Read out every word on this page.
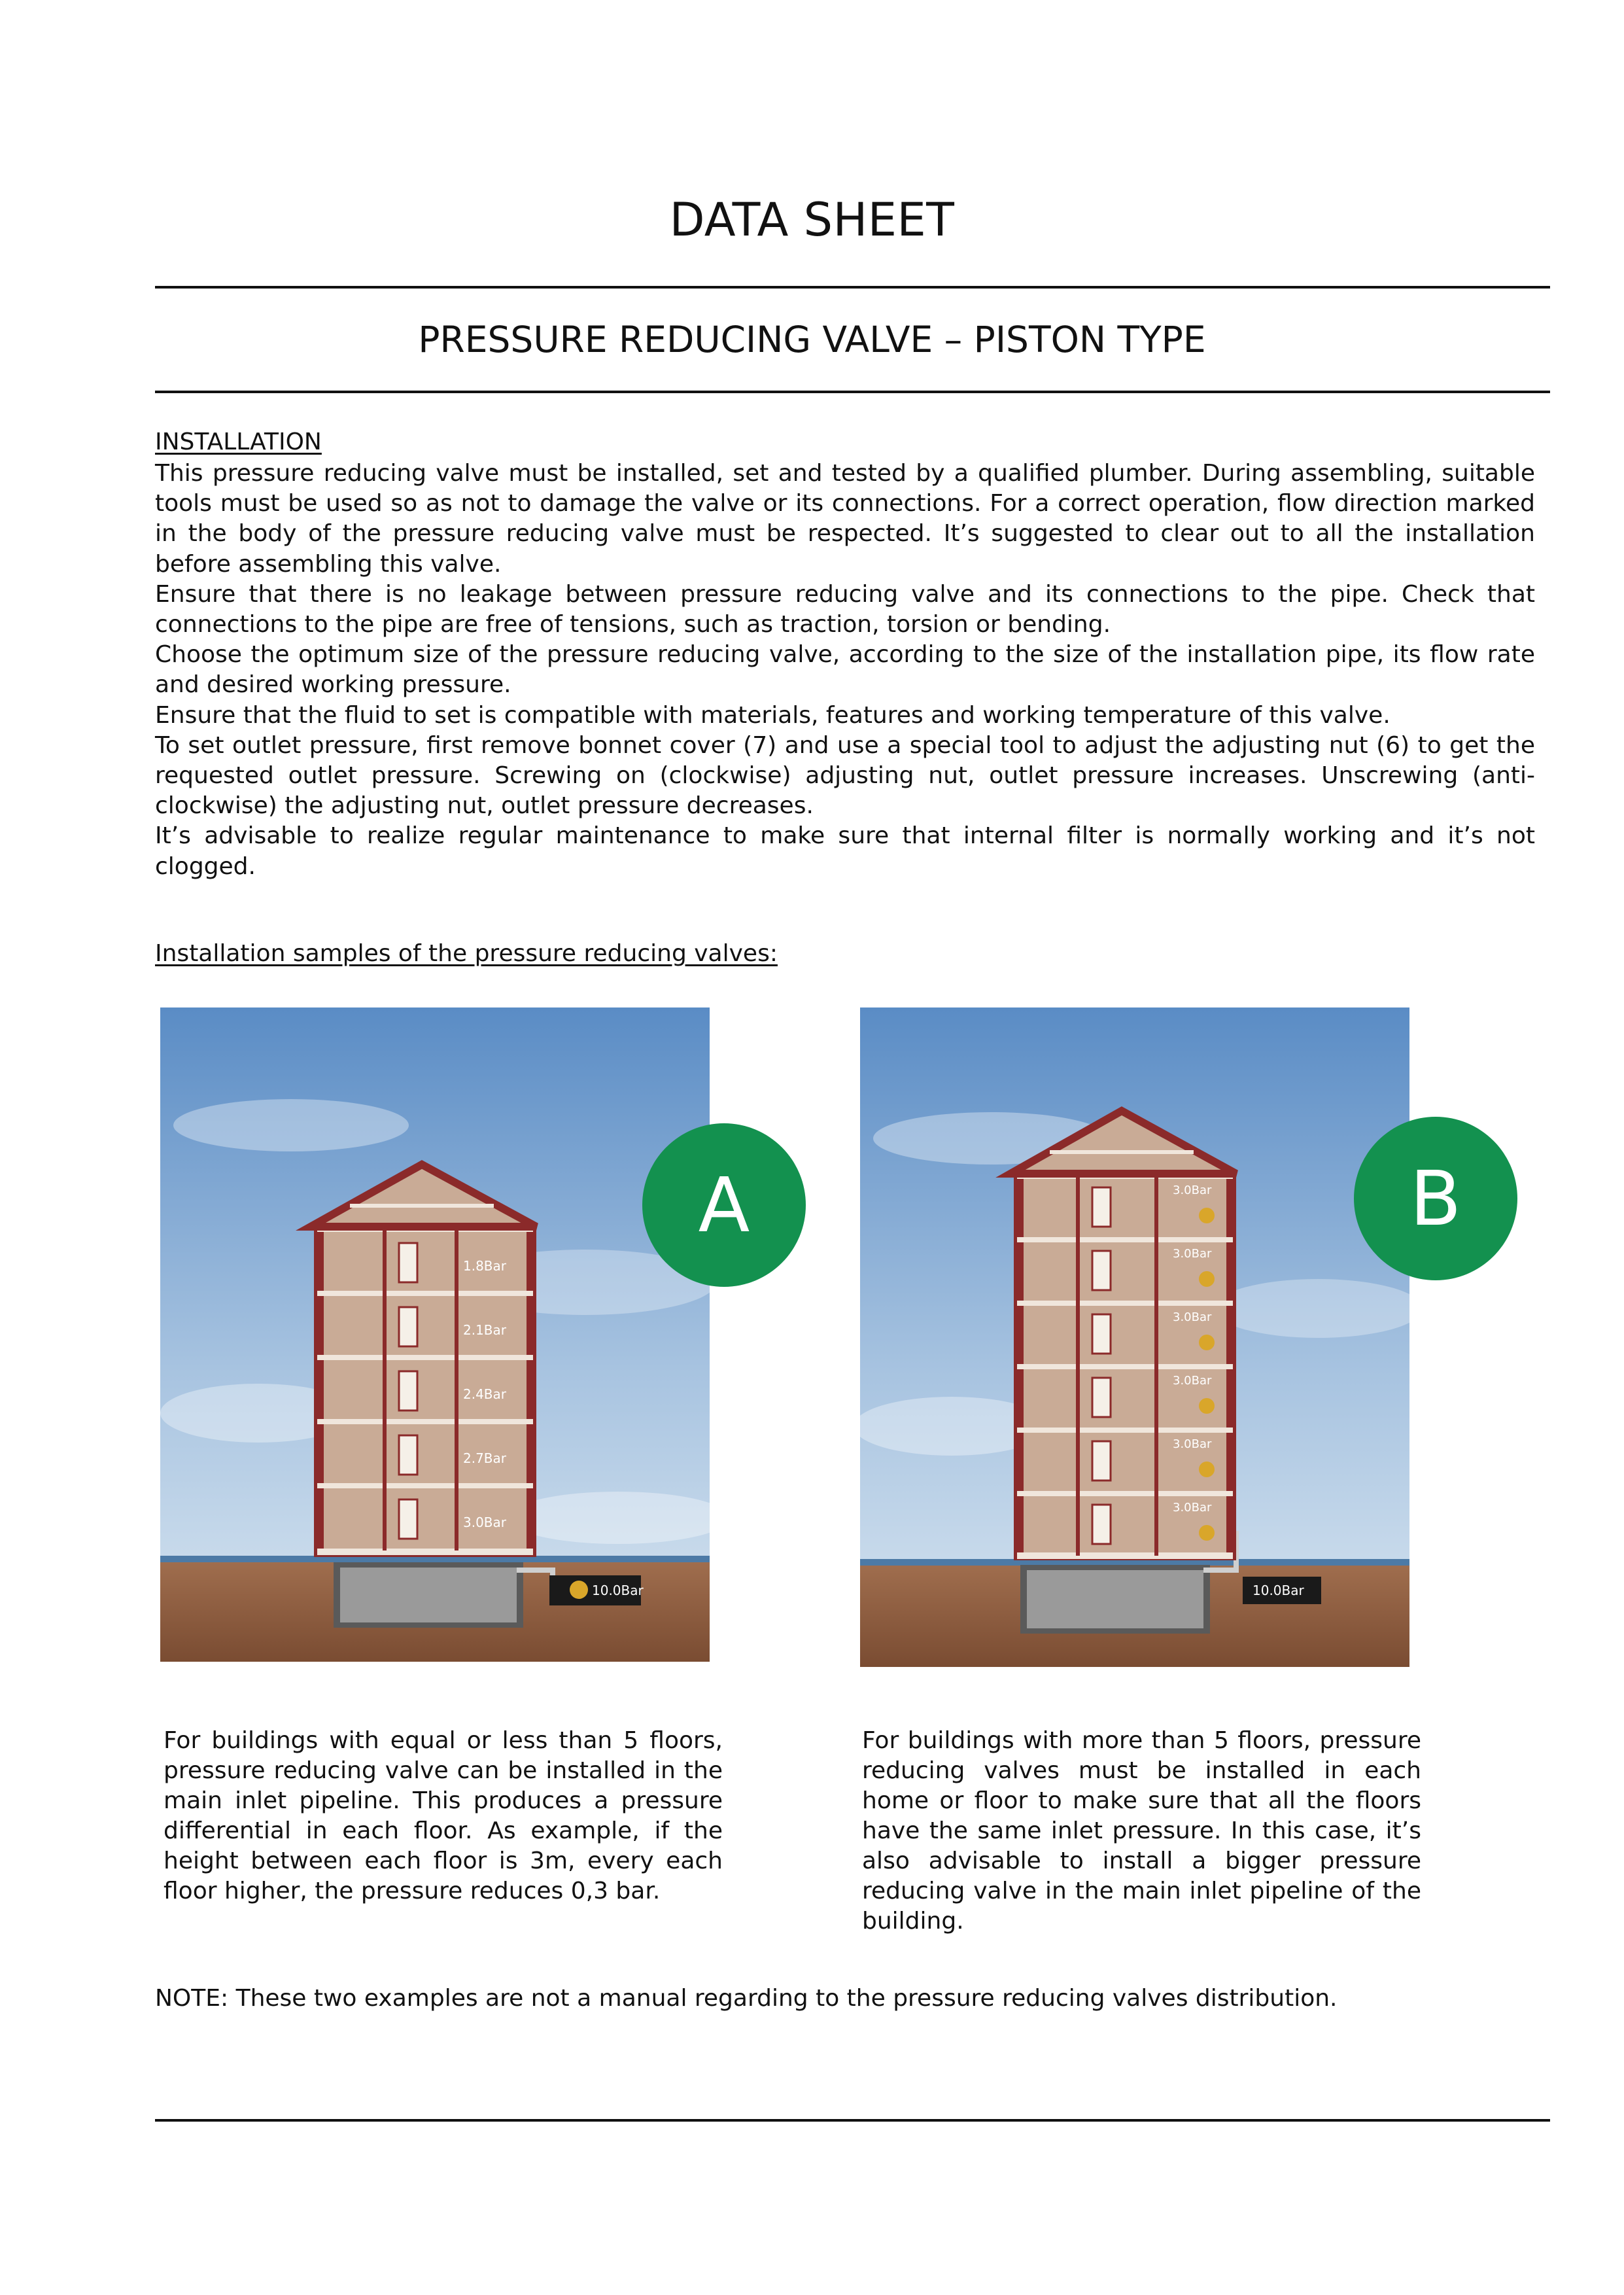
DATA SHEET
PRESSURE REDUCING VALVE – PISTON TYPE
INSTALLATION

This pressure reducing valve must be installed, set and tested by a qualified plumber. During assembling, suitable tools must be used so as not to damage the valve or its connections. For a correct operation, flow direction marked in the body of the pressure reducing valve must be respected. It’s suggested to clear out to all the installation before assembling this valve.

Ensure that there is no leakage between pressure reducing valve and its connections to the pipe. Check that connections to the pipe are free of tensions, such as traction, torsion or bending.

Choose the optimum size of the pressure reducing valve, according to the size of the installation pipe, its flow rate and desired working pressure.

Ensure that the fluid to set is compatible with materials, features and working temperature of this valve.

To set outlet pressure, first remove bonnet cover (7) and use a special tool to adjust the adjusting nut (6) to get the requested outlet pressure. Screwing on (clockwise) adjusting nut, outlet pressure increases. Unscrewing (anti-clockwise) the adjusting nut, outlet pressure decreases.

It’s advisable to realize regular maintenance to make sure that internal filter is normally working and it’s not clogged.

Installation samples of the pressure reducing valves:
1.8Bar
2.1Bar
2.4Bar
2.7Bar
3.0Bar
10.0Bar
A	3.0Bar
3.0Bar
3.0Bar
3.0Bar
3.0Bar
3.0Bar
10.0Bar
B
For buildings with equal or less than 5 floors, pressure reducing valve can be installed in the main inlet pipeline. This produces a pressure differential in each floor. As example, if the height between each floor is 3m, every each floor higher, the pressure reduces 0,3 bar.
For buildings with more than 5 floors, pressure reducing valves must be installed in each home or floor to make sure that all the floors have the same inlet pressure. In this case, it’s also advisable to install a bigger pressure reducing valve in the main inlet pipeline of the building.
NOTE: These two examples are not a manual regarding to the pressure reducing valves distribution.
